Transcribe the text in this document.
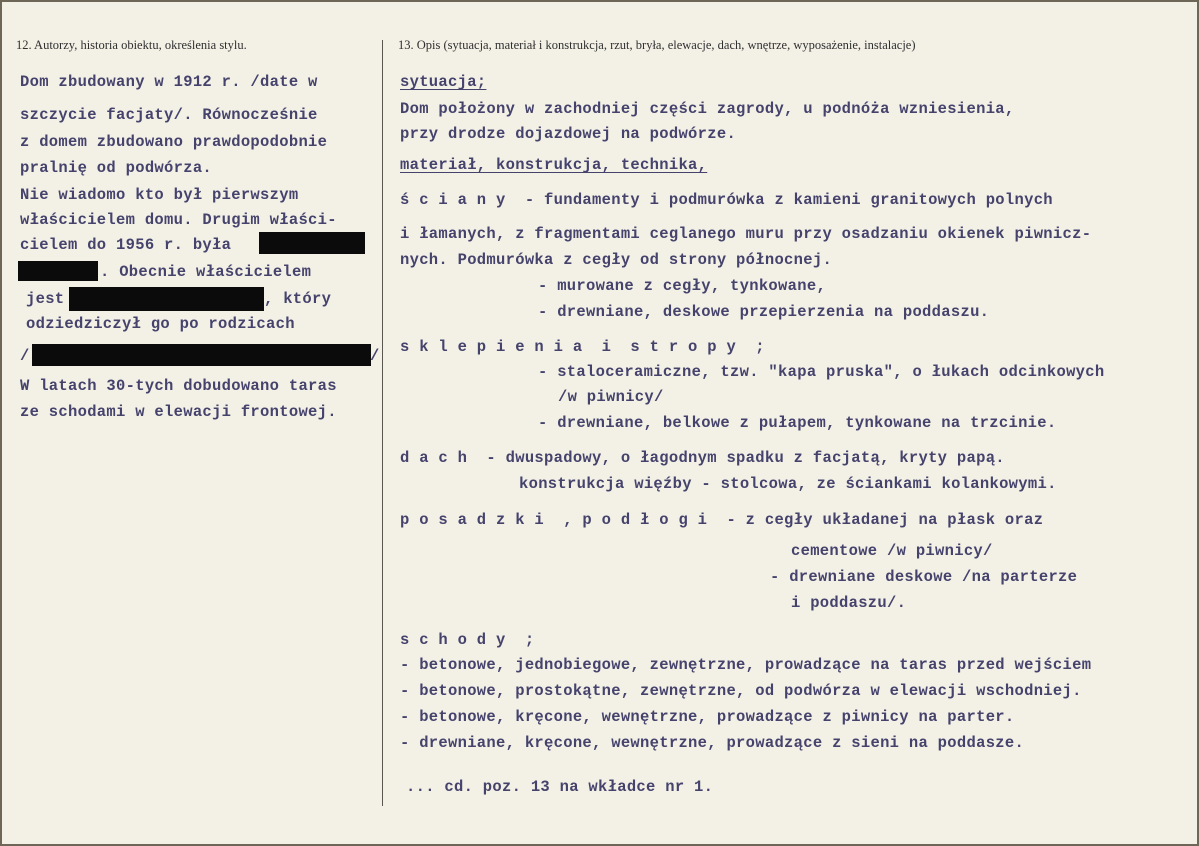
12. Autorzy, historia obiektu, określenia stylu.
Dom zbudowany w 1912 r. /date w
szczycie facjaty/. Równocześnie
z domem zbudowano prawdopodobnie
pralnię od podwórza.
Nie wiadomo kto był pierwszym
właścicielem domu. Drugim właści-
cielem do 1956 r. była
. Obecnie właścicielem
jest	, który
odziedziczył go po rodzicach
/	/
W latach 30-tych dobudowano taras
ze schodami w elewacji frontowej.
13. Opis (sytuacja, materiał i konstrukcja, rzut, bryła, elewacje, dach, wnętrze, wyposażenie, instalacje)
sytuacja;
Dom położony w zachodniej części zagrody, u podnóża wzniesienia,
przy drodze dojazdowej na podwórze.
materiał, konstrukcja, technika,
ś c i a n y  - fundamenty i podmurówka z kamieni granitowych polnych
i łamanych, z fragmentami ceglanego muru przy osadzaniu okienek piwnicz-
nych. Podmurówka z cegły od strony północnej.
- murowane z cegły, tynkowane,
- drewniane, deskowe przepierzenia na poddaszu.
s k l e p i e n i a  i  s t r o p y  ;
- staloceramiczne, tzw. "kapa pruska", o łukach odcinkowych
/w piwnicy/
- drewniane, belkowe z pułapem, tynkowane na trzcinie.
d a c h  - dwuspadowy, o łagodnym spadku z facjatą, kryty papą.
konstrukcja więźby - stolcowa, ze ściankami kolankowymi.
p o s a d z k i  , p o d ł o g i  - z cegły układanej na płask oraz
cementowe /w piwnicy/
- drewniane deskowe /na parterze
i poddaszu/.
s c h o d y  ;
- betonowe, jednobiegowe, zewnętrzne, prowadzące na taras przed wejściem
- betonowe, prostokątne, zewnętrzne, od podwórza w elewacji wschodniej.
- betonowe, kręcone, wewnętrzne, prowadzące z piwnicy na parter.
- drewniane, kręcone, wewnętrzne, prowadzące z sieni na poddasze.
... cd. poz. 13 na wkładce nr 1.
